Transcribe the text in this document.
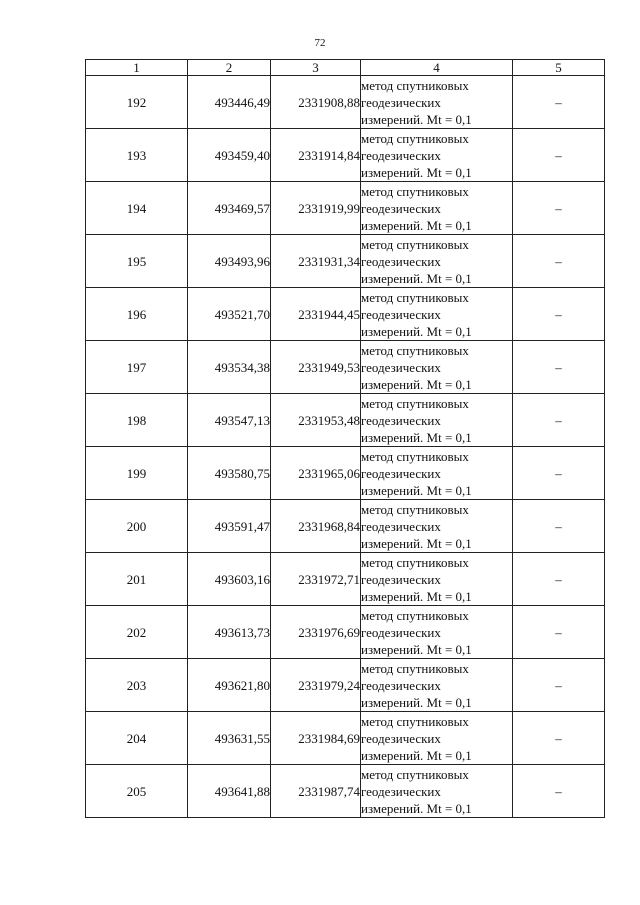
72
1	2	3	4	5
192	493446,49	2331908,88	метод спутниковых
геодезических
измерений. Mt = 0,1	–
193	493459,40	2331914,84	метод спутниковых
геодезических
измерений. Mt = 0,1	–
194	493469,57	2331919,99	метод спутниковых
геодезических
измерений. Mt = 0,1	–
195	493493,96	2331931,34	метод спутниковых
геодезических
измерений. Mt = 0,1	–
196	493521,70	2331944,45	метод спутниковых
геодезических
измерений. Mt = 0,1	–
197	493534,38	2331949,53	метод спутниковых
геодезических
измерений. Mt = 0,1	–
198	493547,13	2331953,48	метод спутниковых
геодезических
измерений. Mt = 0,1	–
199	493580,75	2331965,06	метод спутниковых
геодезических
измерений. Mt = 0,1	–
200	493591,47	2331968,84	метод спутниковых
геодезических
измерений. Mt = 0,1	–
201	493603,16	2331972,71	метод спутниковых
геодезических
измерений. Mt = 0,1	–
202	493613,73	2331976,69	метод спутниковых
геодезических
измерений. Mt = 0,1	–
203	493621,80	2331979,24	метод спутниковых
геодезических
измерений. Mt = 0,1	–
204	493631,55	2331984,69	метод спутниковых
геодезических
измерений. Mt = 0,1	–
205	493641,88	2331987,74	метод спутниковых
геодезических
измерений. Mt = 0,1	–
